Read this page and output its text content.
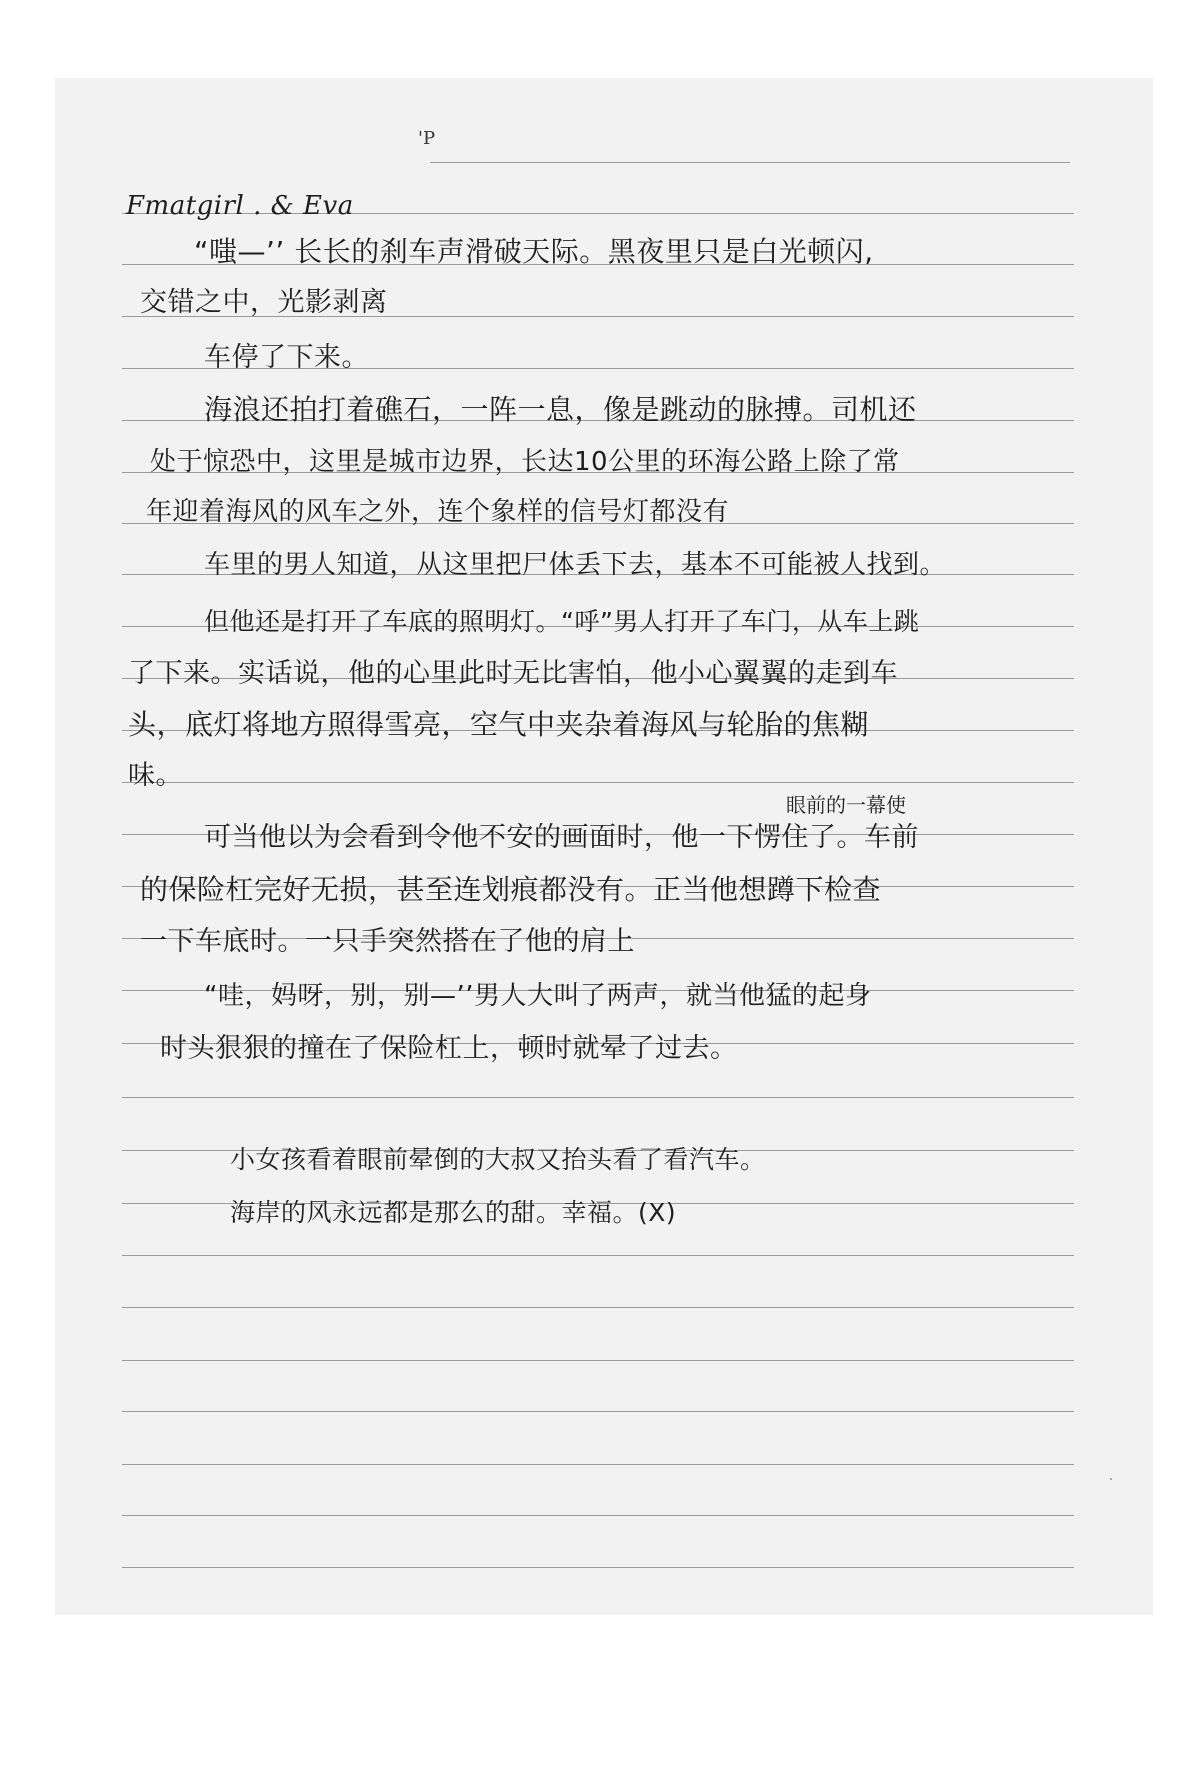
'P
Fmatgirl . & Eva
“嗤—’’ 长长的刹车声滑破天际。黑夜里只是白光顿闪,
交错之中，光影剥离
车停了下来。
海浪还拍打着礁石，一阵一息，像是跳动的脉搏。司机还
处于惊恐中，这里是城市边界，长达10公里的环海公路上除了常
年迎着海风的风车之外，连个象样的信号灯都没有
车里的男人知道，从这里把尸体丢下去，基本不可能被人找到。
但他还是打开了车底的照明灯。“呼”男人打开了车门，从车上跳
了下来。实话说，他的心里此时无比害怕，他小心翼翼的走到车
头，底灯将地方照得雪亮，空气中夹杂着海风与轮胎的焦糊
味。
眼前的一幕使
可当他以为会看到令他不安的画面时，他一下愣住了。车前
的保险杠完好无损，甚至连划痕都没有。正当他想蹲下检查
一下车底时。一只手突然搭在了他的肩上
“哇，妈呀，别，别—’’男人大叫了两声，就当他猛的起身
时头狠狠的撞在了保险杠上，顿时就晕了过去。
小女孩看着眼前晕倒的大叔又抬头看了看汽车。
海岸的风永远都是那么的甜。幸福。(X)
